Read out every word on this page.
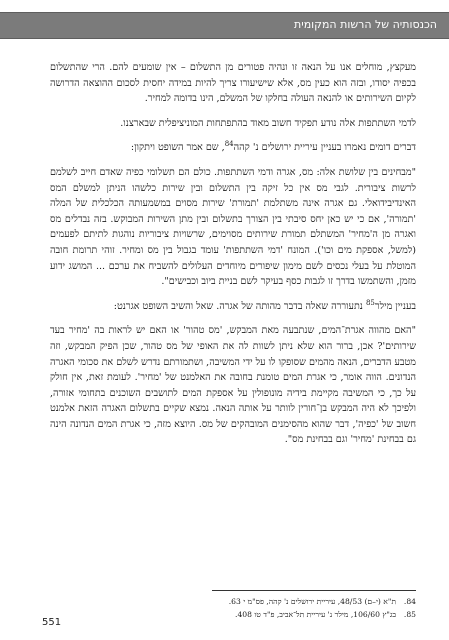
הכנסותיה של הרשות המקומית

מעקצץ, מוחלים אנו על הנאה זו ונהיה פטורים מן התשלום – אין שומעים להם. הרי שהתשלום בכפיה יסודו, ובזה הוא כעין מס, אלא שישיעורו צריך להיות במידה יחסית לסכום ההוצאה הדרושה לקיום השירותים או להנאה העולה בחלקו של המשלם, הינו בדומה למחיר.

לדמי השתתפות אלה נודע תפקיד חשוב מאוד בהתפתחות המוניציפלית שבארצנו.

דברים דומים נאמרו בעניין עיריית ירושלים נ' קהה$^{84}$, שם אמר השופט ויתקון:

"מבחינים בין שלושת אלה: מס, אגרה ודמי השתתפות. כולם הם תשלומי כפיה שאדם חייב לשלמם לרשות ציבורית. לגבי מס אין כל זיקה בין התשלום ובין שירות כלשהו הניתן למשלם המס האינדיבידואלי. גם אגרה אינה משתלמת 'תמורת' שירות מסוים במשמעותה הכלכלית של המלה 'תמורה', אם כי יש כאן יחס סיבתי בין הצורך בתשלום ובין מתן השירות המבוקש. בזה נבדלים מס ואגרה מן ה'מחיר' המשתלם תמורת שירותים מסוימים, שרשויות ציבוריות נוהגות לתיתם לפעמים (למשל, אספקת מים וכו'). המונח 'דמי השתתפות' עומד בגבול בין מס ומחיר. זוהי תרומת חובה המוטלת על בעלי נכסים לשם מימון שיפורים מיוחדים העלולים להשביח את ערכם ... המושג ידוע מזמן, והשתמשו בדרך זו לגבות כסף בעיקר לשם בניית ביוב וכבישים".

בעניין מילר$^{85}$ נתעוררה שאלה בדבר מהותה של אגרה. שאל והשיב השופט אגרנט:

"האם מהווה אגרת־המים, שנתבעה מאת המבקש, 'מס טהור' או האם יש לראות בה 'מחיר בעד שירותים'? אכן, ברור הוא שלא ניתן לשוות לה את האופי של מס טהור, שכן הפיק המבקש, וזה מטבע הדברים, הנאה מהמים שסופקו לו על ידי המשיבה, ושתמורתם נדרש לשלם את סכומי האגרה הנדונים. הווה אומר, כי אגרת המים טומנת בחובה את האלמנט של 'מחיר'. לעומת זאת, אין חולק על כך, כי המשיבה מקיימת בידיה מונופולין על אספקת המים לתושבים השוכנים בתחומי אזורה, ולפיכך לא היה המבקש בן־חורין לוותר על אותה הנאה. נמצא שקיים בתשלום האגרה הזאת אלמנט חשוב של 'כפיה', דבר שהוא מהסימנים המובהקים של מס. היוצא מזה, כי אגרת המים הנדונה הינה גם בבחינת 'מחיר' וגם בבחינת מס".

84.
ת"א (י–ם) 48/53, עיריית ירושלים נ' קהה, פס"מ י 63.
85.
בג"ץ 106/60, מילר נ' עיריית תל־אביב, פ"ד טו 408.
551
